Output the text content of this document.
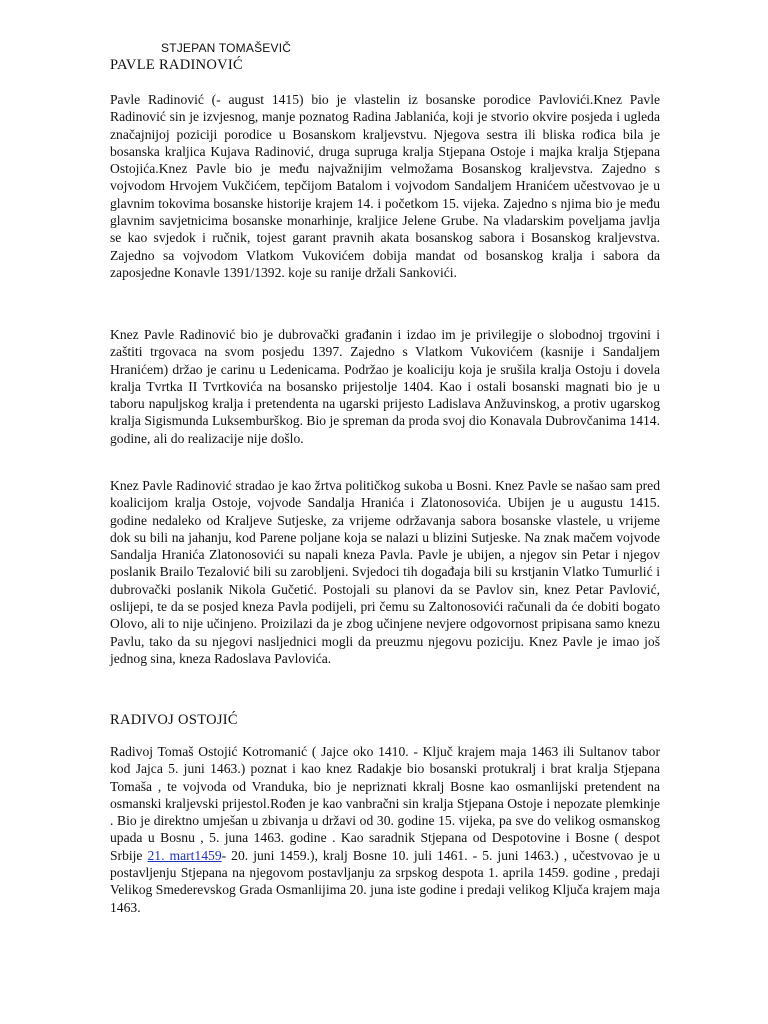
STJEPAN TOMAŠEVIČ
PAVLE RADINOVIĆ

Pavle Radinović (- august 1415) bio je vlastelin iz bosanske porodice Pavlovići.Knez Pavle Radinović sin je izvjesnog, manje poznatog Radina Jablanića, koji je stvorio okvire posjeda i ugleda značajnijoj poziciji porodice u Bosanskom kraljevstvu. Njegova sestra ili bliska rođica bila je bosanska kraljica Kujava Radinović, druga supruga kralja Stjepana Ostoje i majka kralja Stjepana Ostojića.Knez Pavle bio je među najvažnijim velmožama Bosanskog kraljevstva. Zajedno s vojvodom Hrvojem Vukčićem, tepčijom Batalom i vojvodom Sandaljem Hranićem učestvovao je u glavnim tokovima bosanske historije krajem 14. i početkom 15. vijeka. Zajedno s njima bio je među glavnim savjetnicima bosanske monarhinje, kraljice Jelene Grube. Na vladarskim poveljama javlja se kao svjedok i ručnik, tojest garant pravnih akata bosanskog sabora i Bosanskog kraljevstva. Zajedno sa vojvodom Vlatkom Vukovićem dobija mandat od bosanskog kralja i sabora da zaposjedne Konavle 1391/1392. koje su ranije držali Sankovići.

Knez Pavle Radinović bio je dubrovački građanin i izdao im je privilegije o slobodnoj trgovini i zaštiti trgovaca na svom posjedu 1397. Zajedno s Vlatkom Vukovićem (kasnije i Sandaljem Hranićem) držao je carinu u Ledenicama. Podržao je koaliciju koja je srušila kralja Ostoju i dovela kralja Tvrtka II Tvrtkovića na bosansko prijestolje 1404. Kao i ostali bosanski magnati bio je u taboru napuljskog kralja i pretendenta na ugarski prijesto Ladislava Anžuvinskog, a protiv ugarskog kralja Sigismunda Luksemburškog. Bio je spreman da proda svoj dio Konavala Dubrovčanima 1414. godine, ali do realizacije nije došlo.

Knez Pavle Radinović stradao je kao žrtva političkog sukoba u Bosni. Knez Pavle se našao sam pred koalicijom kralja Ostoje, vojvode Sandalja Hranića i Zlatonosovića. Ubijen je u augustu 1415. godine nedaleko od Kraljeve Sutjeske, za vrijeme održavanja sabora bosanske vlastele, u vrijeme dok su bili na jahanju, kod Parene poljane koja se nalazi u blizini Sutjeske. Na znak mačem vojvode Sandalja Hranića Zlatonosovići su napali kneza Pavla. Pavle je ubijen, a njegov sin Petar i njegov poslanik Brailo Tezalović bili su zarobljeni. Svjedoci tih događaja bili su krstjanin Vlatko Tumurlić i dubrovački poslanik Nikola Gučetić. Postojali su planovi da se Pavlov sin, knez Petar Pavlović, oslijepi, te da se posjed kneza Pavla podijeli, pri čemu su Zaltonosovići računali da će dobiti bogato Olovo, ali to nije učinjeno. Proizilazi da je zbog učinjene nevjere odgovornost pripisana samo knezu Pavlu, tako da su njegovi nasljednici mogli da preuzmu njegovu poziciju. Knez Pavle je imao još jednog sina, kneza Radoslava Pavlovića.

RADIVOJ OSTOJIĆ

Radivoj Tomaš Ostojić Kotromanić ( Jajce oko 1410. - Ključ krajem maja 1463 ili Sultanov tabor kod Jajca 5. juni 1463.) poznat i kao knez Radakje bio bosanski protukralj i brat kralja Stjepana Tomaša , te vojvoda od Vranduka, bio je nepriznati kkralj Bosne kao osmanlijski pretendent na osmanski kraljevski prijestol.Rođen je kao vanbračni sin kralja Stjepana Ostoje i nepozate plemkinje . Bio je direktno umješan u zbivanja u državi od 30. godine 15. vijeka, pa sve do velikog osmanskog upada u Bosnu , 5. juna 1463. godine . Kao saradnik Stjepana od Despotovine i Bosne ( despot Srbije 21. mart1459- 20. juni 1459.), kralj Bosne 10. juli 1461. - 5. juni 1463.) , učestvovao je u postavljenju Stjepana na njegovom postavljanju za srpskog despota 1. aprila 1459. godine , predaji Velikog Smederevskog Grada Osmanlijima 20. juna iste godine i predaji velikog Ključa krajem maja 1463.
